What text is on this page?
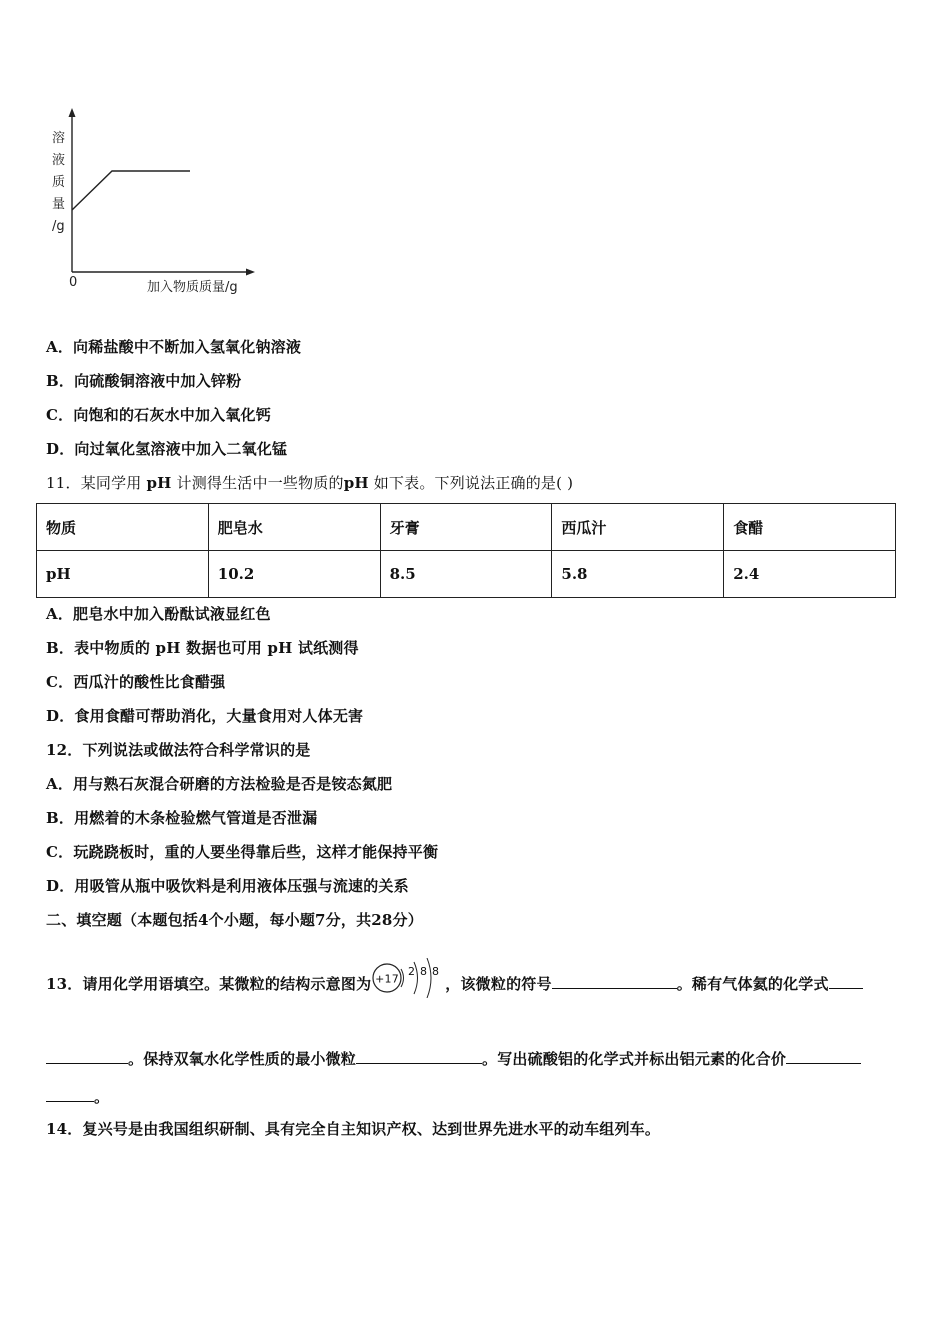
溶
液
质
量
/g
0	加入物质质量/g
A．向稀盐酸中不断加入氢氧化钠溶液
B．向硫酸铜溶液中加入锌粉
C．向饱和的石灰水中加入氧化钙
D．向过氧化氢溶液中加入二氧化锰
11．某同学用 pH 计测得生活中一些物质的pH 如下表。下列说法正确的是( )
物质	肥皂水	牙膏	西瓜汁	食醋
pH	10.2	8.5	5.8	2.4
A．肥皂水中加入酚酞试液显红色
B．表中物质的 pH 数据也可用 pH 试纸测得
C．西瓜汁的酸性比食醋强
D．食用食醋可帮助消化，大量食用对人体无害
12．下列说法或做法符合科学常识的是
A．用与熟石灰混合研磨的方法检验是否是铵态氮肥
B．用燃着的木条检验燃气管道是否泄漏
C．玩跷跷板时，重的人要坐得靠后些，这样才能保持平衡
D．用吸管从瓶中吸饮料是利用液体压强与流速的关系
二、填空题（本题包括4个小题，每小题7分，共28分）
13．请用化学用语填空。某微粒的结构示意图为 +17
2 8 8
，该微粒的符号	。稀有气体氦的化学式
。保持双氧水化学性质的最小微粒	。写出硫酸铝的化学式并标出铝元素的化合价
。
14．复兴号是由我国组织研制、具有完全自主知识产权、达到世界先进水平的动车组列车。
